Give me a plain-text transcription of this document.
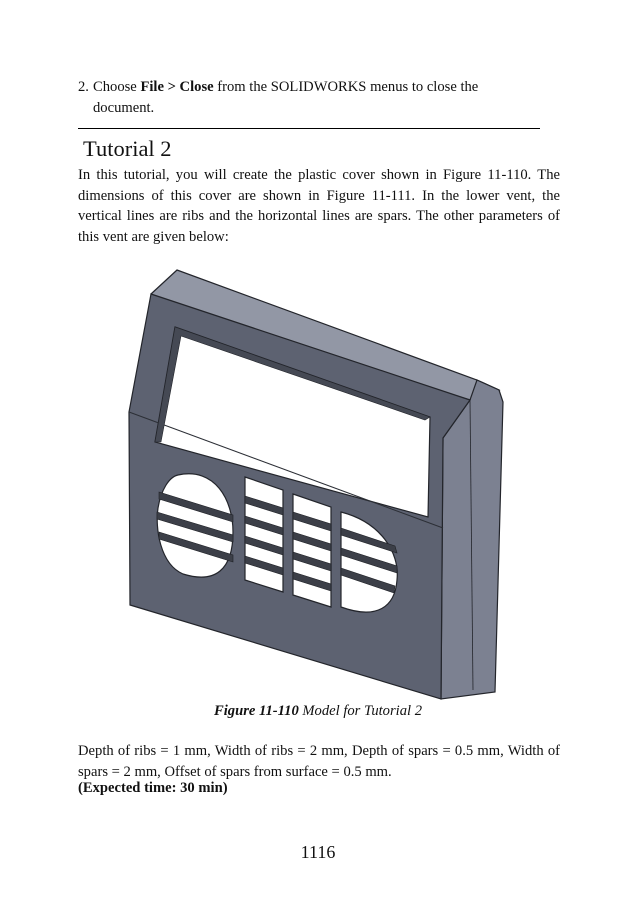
2. Choose File > Close from the SOLIDWORKS menus to close the
document.
Tutorial 2
In this tutorial, you will create the plastic cover shown in Figure 11-110. The dimensions of this cover are shown in Figure 11-111. In the lower vent, the vertical lines are ribs and the horizontal lines are spars. The other parameters of this vent are given below:
Figure 11-110 Model for Tutorial 2
Depth of ribs = 1 mm, Width of ribs = 2 mm, Depth of spars = 0.5 mm, Width of spars = 2 mm, Offset of spars from surface = 0.5 mm.
(Expected time: 30 min)
1116
